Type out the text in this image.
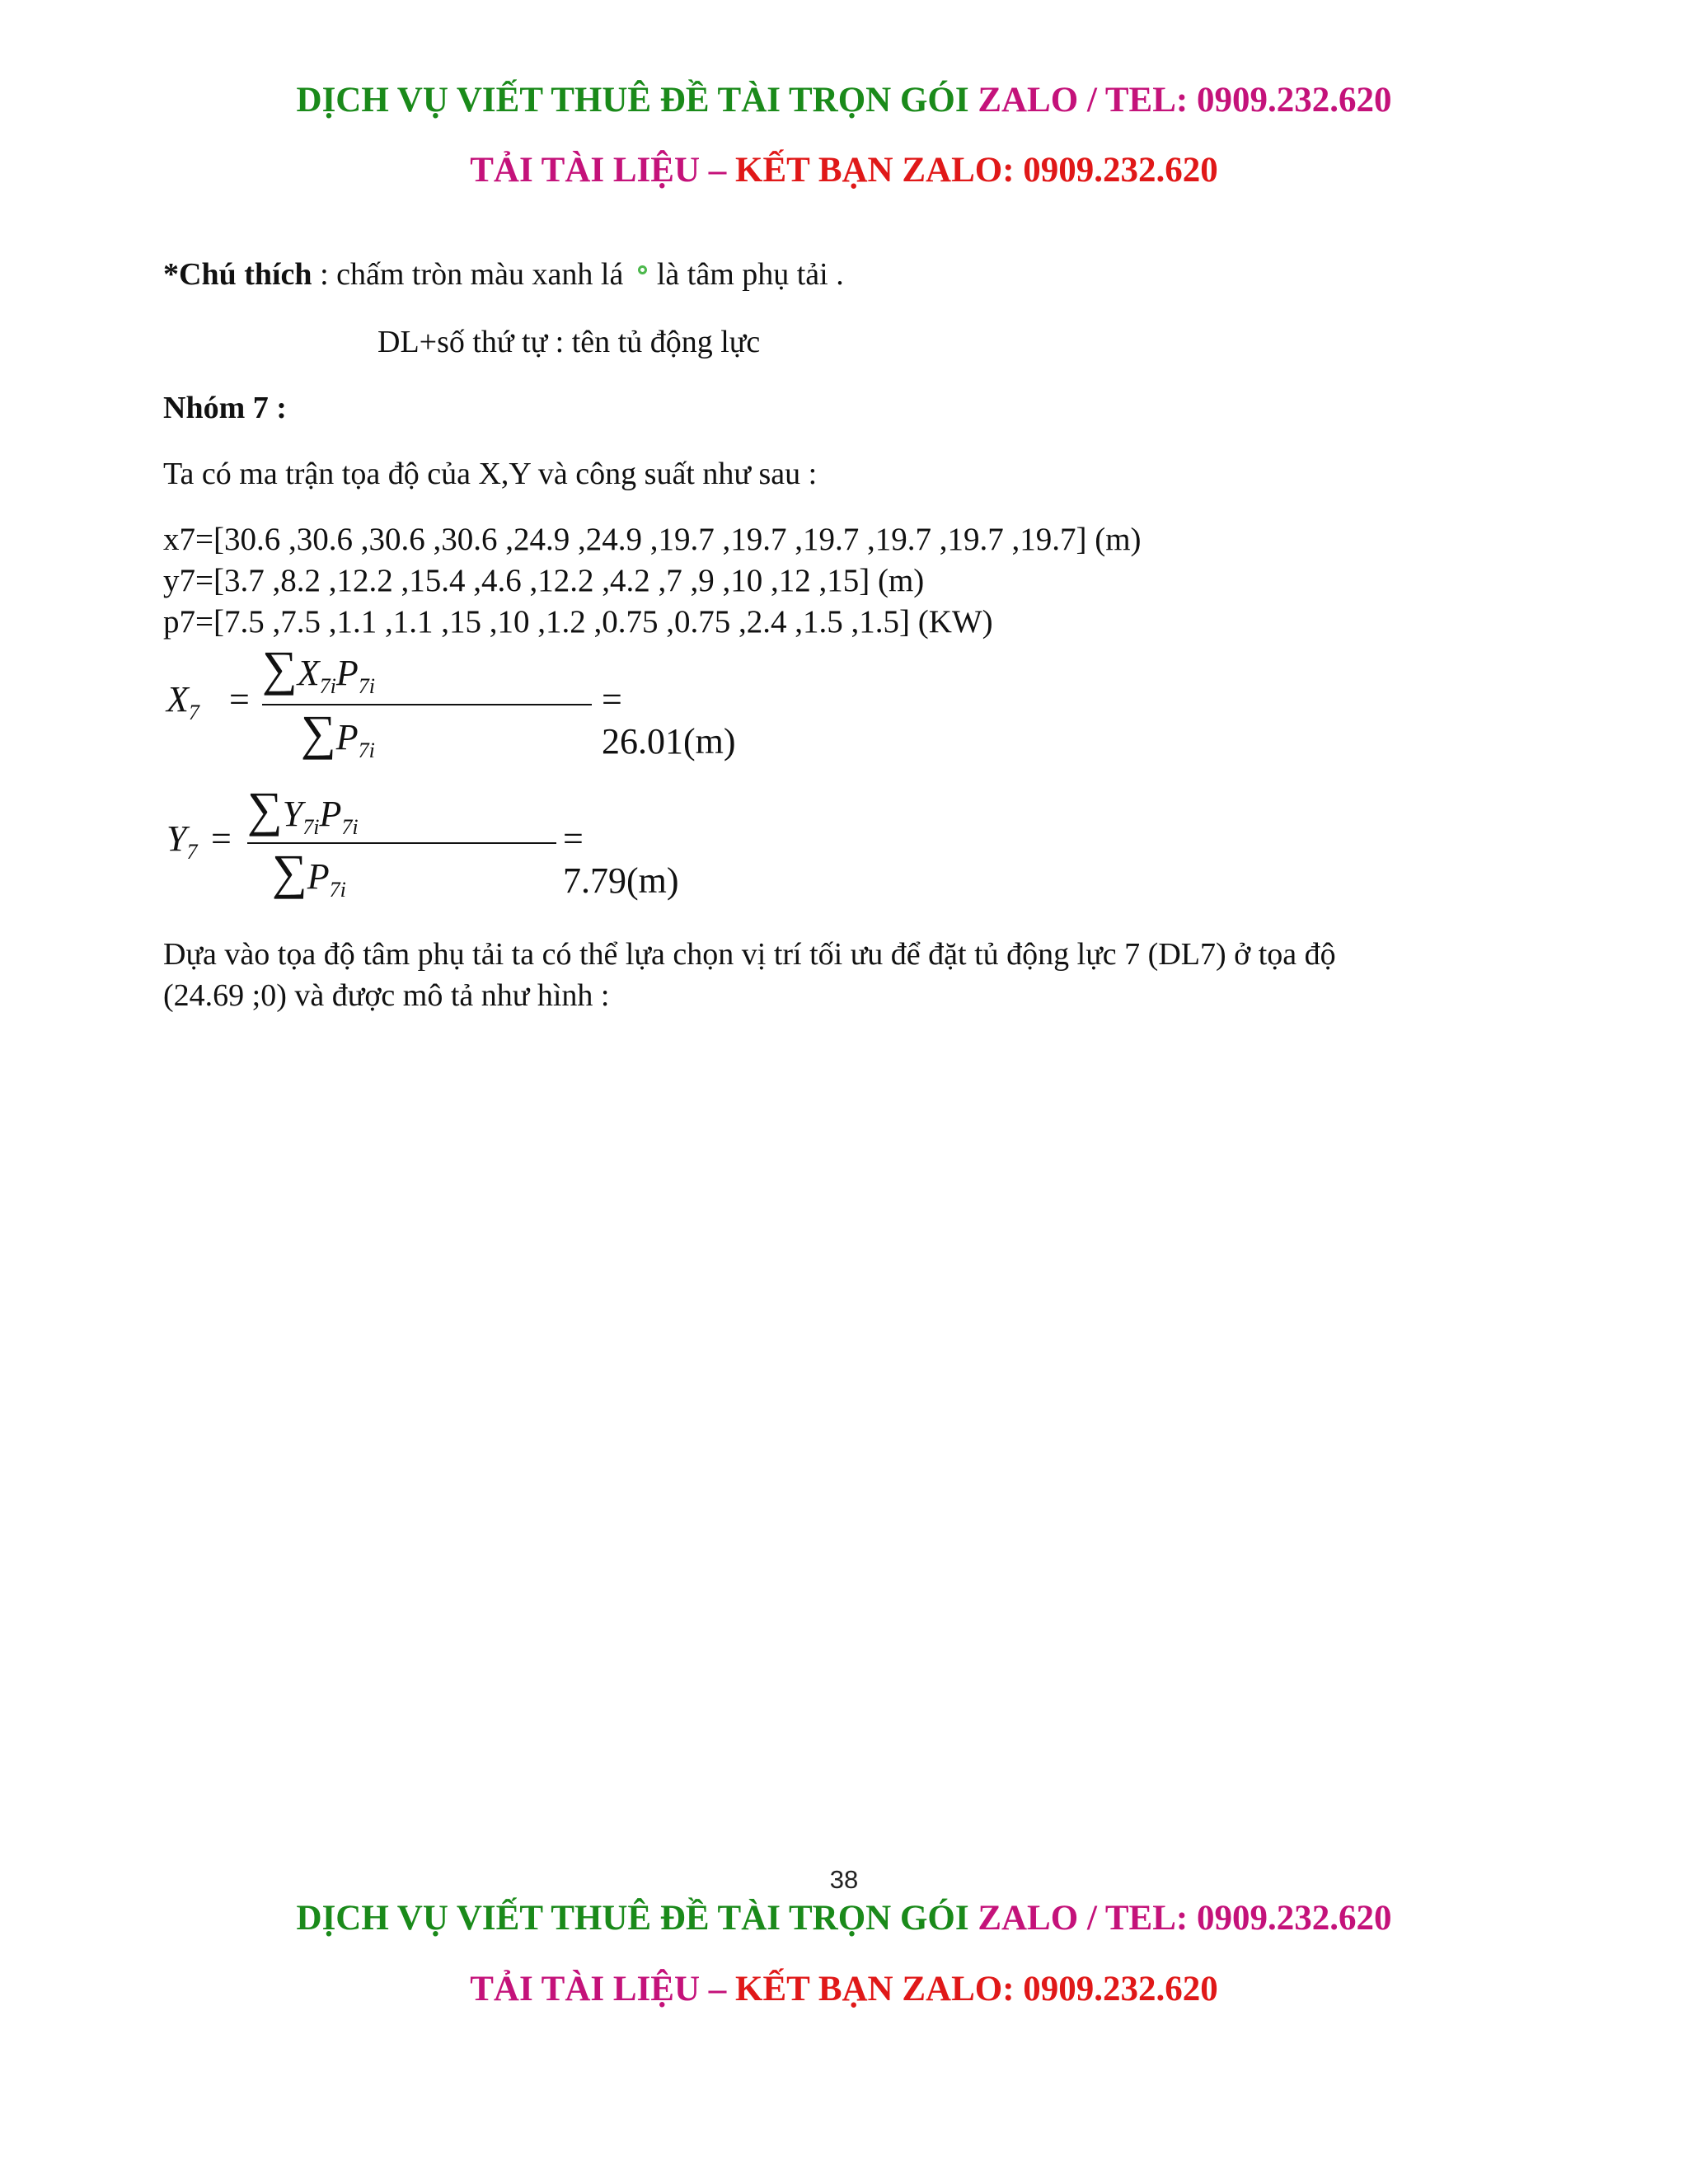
DỊCH VỤ VIẾT THUÊ ĐỀ TÀI TRỌN GÓI ZALO / TEL: 0909.232.620
TẢI TÀI LIỆU – KẾT BẠN ZALO: 0909.232.620
*Chú thích : chấm tròn màu xanh lá là tâm phụ tải .
DL+số thứ tự : tên tủ động lực
Nhóm 7 :
Ta có ma trận tọa độ của X,Y và công suất như sau :
x7=[30.6 ,30.6 ,30.6 ,30.6 ,24.9 ,24.9 ,19.7 ,19.7 ,19.7 ,19.7 ,19.7 ,19.7] (m)
y7=[3.7 ,8.2 ,12.2 ,15.4 ,4.6 ,12.2 ,4.2 ,7 ,9 ,10 ,12 ,15] (m)
p7=[7.5 ,7.5 ,1.1 ,1.1 ,15 ,10 ,1.2 ,0.75 ,0.75 ,2.4 ,1.5 ,1.5] (KW)
$X_7$ =
$\sum X_{7i}P_{7i}$
$\sum P_{7i}$
= 26.01(m)
$Y_7$ =
$\sum Y_{7i}P_{7i}$
$\sum P_{7i}$
= 7.79(m)
Dựa vào tọa độ tâm phụ tải ta có thể lựa chọn vị trí tối ưu để đặt tủ động lực 7 (DL7) ở tọa độ
(24.69 ;0) và được mô tả như hình :
38
DỊCH VỤ VIẾT THUÊ ĐỀ TÀI TRỌN GÓI ZALO / TEL: 0909.232.620
TẢI TÀI LIỆU – KẾT BẠN ZALO: 0909.232.620
